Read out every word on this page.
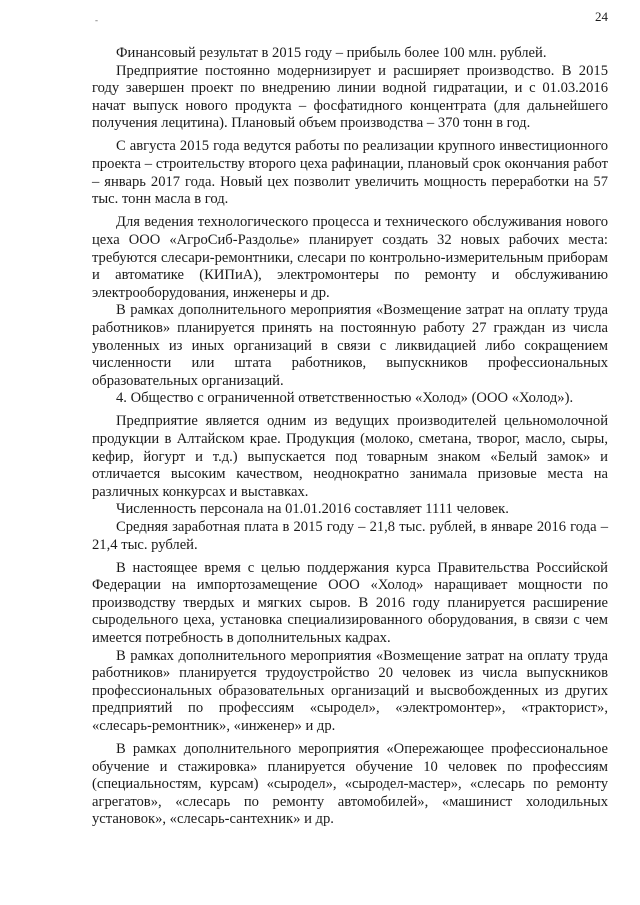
-	24

Финансовый результат в 2015 году – прибыль более 100 млн. рублей.

Предприятие постоянно модернизирует и расширяет производство. В 2015 году завершен проект по внедрению линии водной гидратации, и с 01.03.2016 начат выпуск нового продукта – фосфатидного концентрата (для дальнейшего получения лецитина). Плановый объем производства – 370 тонн в год.

С августа 2015 года ведутся работы по реализации крупного инвестиционного проекта – строительству второго цеха рафинации, плановый срок окончания работ – январь 2017 года. Новый цех позволит увеличить мощность переработки на 57 тыс. тонн масла в год.

Для ведения технологического процесса и технического обслуживания нового цеха ООО «АгроСиб-Раздолье» планирует создать 32 новых рабочих места: требуются слесари-ремонтники, слесари по контрольно-измерительным приборам и автоматике (КИПиА), электромонтеры по ремонту и обслуживанию электрооборудования, инженеры и др.

В рамках дополнительного мероприятия «Возмещение затрат на оплату труда работников» планируется принять на постоянную работу 27 граждан из числа уволенных из иных организаций в связи с ликвидацией либо сокращением численности или штата работников, выпускников профессиональных образовательных организаций.

4. Общество с ограниченной ответственностью «Холод» (ООО «Холод»).

Предприятие является одним из ведущих производителей цельномолочной продукции в Алтайском крае. Продукция (молоко, сметана, творог, масло, сыры, кефир, йогурт и т.д.) выпускается под товарным знаком «Белый замок» и отличается высоким качеством, неоднократно занимала призовые места на различных конкурсах и выставках.

Численность персонала на 01.01.2016 составляет 1111 человек.

Средняя заработная плата в 2015 году – 21,8 тыс. рублей, в январе 2016 года – 21,4 тыс. рублей.

В настоящее время с целью поддержания курса Правительства Российской Федерации на импортозамещение ООО «Холод» наращивает мощности по производству твердых и мягких сыров. В 2016 году планируется расширение сыродельного цеха, установка специализированного оборудования, в связи с чем имеется потребность в дополнительных кадрах.

В рамках дополнительного мероприятия «Возмещение затрат на оплату труда работников» планируется трудоустройство 20 человек из числа выпускников профессиональных образовательных организаций и высвобожденных из других предприятий по профессиям «сыродел», «электромонтер», «тракторист», «слесарь-ремонтник», «инженер» и др.

В рамках дополнительного мероприятия «Опережающее профессиональное обучение и стажировка» планируется обучение 10 человек по профессиям (специальностям, курсам) «сыродел», «сыродел-мастер», «слесарь по ремонту агрегатов», «слесарь по ремонту автомобилей», «машинист холодильных установок», «слесарь-сантехник» и др.
